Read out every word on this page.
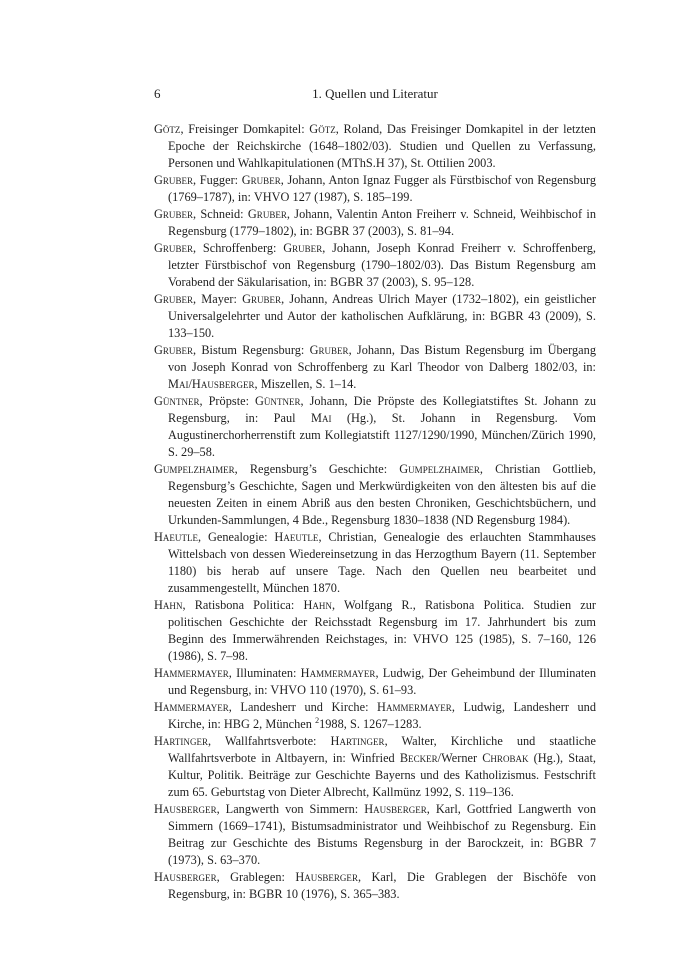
6	1. Quellen und Literatur

Götz, Freisinger Domkapitel: Götz, Roland, Das Freisinger Domkapitel in der letzten Epoche der Reichskirche (1648–1802/03). Studien und Quellen zu Verfassung, Personen und Wahlkapitulationen (MThS.H 37), St. Ottilien 2003.

Gruber, Fugger: Gruber, Johann, Anton Ignaz Fugger als Fürstbischof von Regensburg (1769–1787), in: VHVO 127 (1987), S. 185–199.

Gruber, Schneid: Gruber, Johann, Valentin Anton Freiherr v. Schneid, Weihbischof in Regensburg (1779–1802), in: BGBR 37 (2003), S. 81–94.

Gruber, Schroffenberg: Gruber, Johann, Joseph Konrad Freiherr v. Schroffenberg, letzter Fürstbischof von Regensburg (1790–1802/03). Das Bistum Regensburg am Vorabend der Säkularisation, in: BGBR 37 (2003), S. 95–128.

Gruber, Mayer: Gruber, Johann, Andreas Ulrich Mayer (1732–1802), ein geistlicher Universalgelehrter und Autor der katholischen Aufklärung, in: BGBR 43 (2009), S. 133–150.

Gruber, Bistum Regensburg: Gruber, Johann, Das Bistum Regensburg im Übergang von Joseph Konrad von Schroffenberg zu Karl Theodor von Dalberg 1802/03, in: Mai/Hausberger, Miszellen, S. 1–14.

Güntner, Pröpste: Güntner, Johann, Die Pröpste des Kollegiatstiftes St. Johann zu Regensburg, in: Paul Mai (Hg.), St. Johann in Regensburg. Vom Augustinerchorherrenstift zum Kollegiatstift 1127/1290/1990, München/Zürich 1990, S. 29–58.

Gumpelzhaimer, Regensburg’s Geschichte: Gumpelzhaimer, Christian Gottlieb, Regensburg’s Geschichte, Sagen und Merkwürdigkeiten von den ältesten bis auf die neuesten Zeiten in einem Abriß aus den besten Chroniken, Geschichtsbüchern, und Urkunden-Sammlungen, 4 Bde., Regensburg 1830–1838 (ND Regensburg 1984).

Haeutle, Genealogie: Haeutle, Christian, Genealogie des erlauchten Stammhauses Wittelsbach von dessen Wiedereinsetzung in das Herzogthum Bayern (11. September 1180) bis herab auf unsere Tage. Nach den Quellen neu bearbeitet und zusammengestellt, München 1870.

Hahn, Ratisbona Politica: Hahn, Wolfgang R., Ratisbona Politica. Studien zur politischen Geschichte der Reichsstadt Regensburg im 17. Jahrhundert bis zum Beginn des Immerwährenden Reichstages, in: VHVO 125 (1985), S. 7–160, 126 (1986), S. 7–98.

Hammermayer, Illuminaten: Hammermayer, Ludwig, Der Geheimbund der Illuminaten und Regensburg, in: VHVO 110 (1970), S. 61–93.

Hammermayer, Landesherr und Kirche: Hammermayer, Ludwig, Landesherr und Kirche, in: HBG 2, München $^2$1988, S. 1267–1283.

Hartinger, Wallfahrtsverbote: Hartinger, Walter, Kirchliche und staatliche Wallfahrtsverbote in Altbayern, in: Winfried Becker/Werner Chrobak (Hg.), Staat, Kultur, Politik. Beiträge zur Geschichte Bayerns und des Katholizismus. Festschrift zum 65. Geburtstag von Dieter Albrecht, Kallmünz 1992, S. 119–136.

Hausberger, Langwerth von Simmern: Hausberger, Karl, Gottfried Langwerth von Simmern (1669–1741), Bistumsadministrator und Weihbischof zu Regensburg. Ein Beitrag zur Geschichte des Bistums Regensburg in der Barockzeit, in: BGBR 7 (1973), S. 63–370.

Hausberger, Grablegen: Hausberger, Karl, Die Grablegen der Bischöfe von Regensburg, in: BGBR 10 (1976), S. 365–383.
